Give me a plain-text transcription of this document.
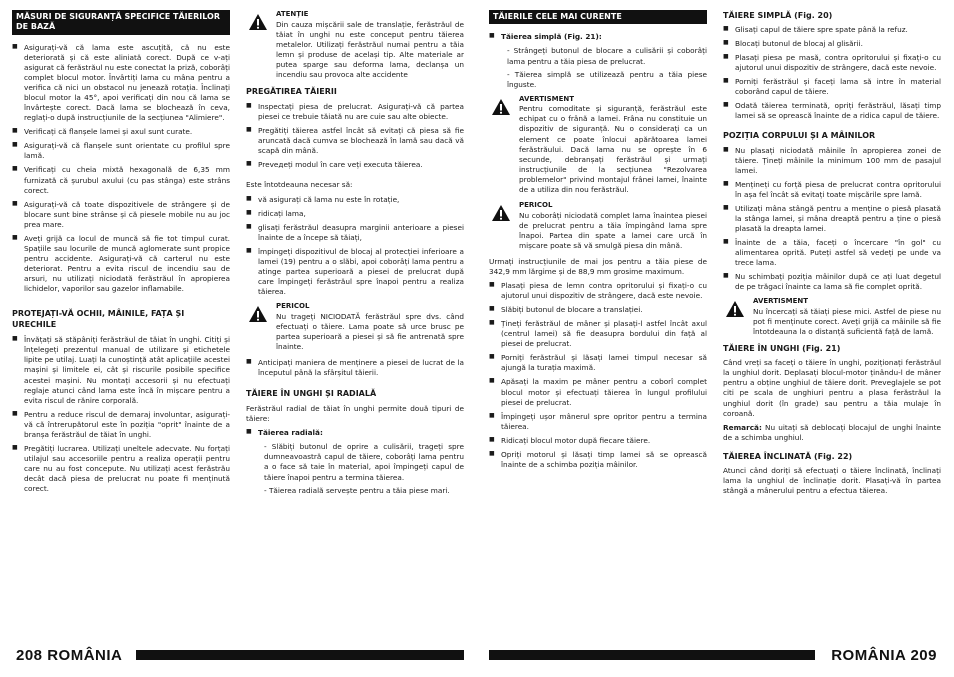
MĂSURI DE SIGURANȚĂ SPECIFICE TĂIERILOR DE BAZĂ
■ Asigurați-vă că lama este ascuțită, că nu este deteriorată și că este aliniată corect. După ce v-ați asigurat că ferăstrăul nu este conectat la priză, coborâți complet blocul motor. Învârtiți lama cu mâna pentru a verifica că nici un obstacol nu jenează rotația. Înclinați blocul motor la 45°, apoi verificați din nou că lama se învârtește corect. Dacă lama se blochează în ceva, reglați-o după instrucțiunile de la secțiunea "Alimiere".
■ Verificați că flanșele lamei și axul sunt curate.
■ Asigurați-vă că flanșele sunt orientate cu profilul spre lamă.
■ Verificați cu cheia mixtă hexagonală de 6,35 mm furnizată că șurubul axului (cu pas stânga) este strâns corect.
■ Asigurați-vă că toate dispozitivele de strângere și de blocare sunt bine strânse și că piesele mobile nu au joc prea mare.
■ Aveți grijă ca locul de muncă să fie tot timpul curat. Spațiile sau locurile de muncă aglomerate sunt propice pentru accidente. Asigurați-vă că carterul nu este deteriorat. Pentru a evita riscul de incendiu sau de arsuri, nu utilizați niciodată ferăstrăul în apropierea lichidelor, vaporilor sau gazelor inflamabile.
PROTEJAȚI-VĂ OCHII, MÂINILE, FAȚA ȘI URECHILE
■ Învățați să stăpâniți ferăstrăul de tăiat în unghi. Citiți și înțelegeți prezentul manual de utilizare și etichetele lipite pe utilaj. Luați la cunoștință atât aplicațiile acestei mașini și limitele ei, cât și riscurile posibile specifice acestei mașini. Nu montați accesorii și nu efectuați reglaje atunci când lama este încă în mișcare pentru a evita riscul de rănire corporală.
■ Pentru a reduce riscul de demaraj involuntar, asigurați-vă că întrerupătorul este în poziția "oprit" înainte de a branșa ferăstrăul de tăiat în unghi.
■ Pregătiți lucrarea. Utilizați uneltele adecvate. Nu forțați utilajul sau accesoriile pentru a realiza operații pentru care nu au fost concepute. Nu utilizați acest ferăstrău decât dacă piesa de prelucrat nu poate fi menținută corect.
ATENȚIE
Din cauza mișcării sale de translație, ferăstrăul de tăiat în unghi nu este conceput pentru tăierea metalelor. Utilizați ferăstrăul numai pentru a tăia lemn și produse de același tip. Alte materiale ar putea sparge sau deforma lama, declanșa un incendiu sau provoca alte accidente
PREGĂTIREA TĂIERII
■ Inspectați piesa de prelucrat. Asigurați-vă că partea piesei ce trebuie tăiată nu are cuie sau alte obiecte.
■ Pregătiți tăierea astfel încât să evitați că piesa să fie aruncată dacă cumva se blochează în lamă sau dacă vă scapă din mână.
■ Preveдеți modul în care veți executa tăierea.
Este întotdeauna necesar să:
■ vă asigurați că lama nu este în rotație,
■ ridicați lama,
■ glisați ferăstrăul deasupra marginii anterioare a piesei înainte de a începe să tăiați,
■ împingeți dispozitivul de blocaj al protecției inferioare a lamei (19) pentru a o slăbi, apoi coborâți lama pentru a atinge partea superioară a piesei de prelucrat după care împingeți ferăstrăul spre înapoi pentru a realiza tăierea.
PERICOL
Nu trageți NICIODATĂ ferăstrăul spre dvs. când efectuați o tăiere. Lama poate să urce brusc pe partea superioară a piesei și să fie antrenată spre înainte.
■ Anticipați maniera de menținere a piesei de lucrat de la începutul până la sfârșitul tăierii.
TĂIERE ÎN UNGHI ȘI RADIALĂ
Ferăstrăul radial de tăiat în unghi permite două tipuri de tăiere:
■ Tăierea radială:
- Slăbiți butonul de oprire a culisării, trageți spre dumneavoastră capul de tăiere, coborâți lama pentru a o face să taie în material, apoi împingeți capul de tăiere înapoi pentru a termina tăierea.
- Tăierea radială servește pentru a tăia piese mari.
TĂIERILE CELE MAI CURENTE
■ Tăierea simplă (Fig. 21):
- Strângeți butonul de blocare a culisării și coborâți lama pentru a tăia piesa de prelucrat.
- Tăierea simplă se utilizează pentru a tăia piese înguste.
AVERTISMENT
Pentru comoditate și siguranță, ferăstrăul este echipat cu o frână a lamei. Frâna nu constituie un dispozitiv de siguranță. Nu o considerați ca un element ce poate înlocui apărătoarea lamei ferăstrăului. Dacă lama nu se oprește în 6 secunde, debranșați ferăstrăul și urmați instrucțiunile de la secțiunea "Rezolvarea problemelor" privind montajul frânei lamei, înainte de a utiliza din nou ferăstrăul.
PERICOL
Nu coborâți niciodată complet lama înaintea piesei de prelucrat pentru a tăia împingând lama spre înapoi. Partea din spate a lamei care urcă în mișcare poate să vă smulgă piesa din mână.
Urmați instrucțiunile de mai jos pentru a tăia piese de 342,9 mm lărgime și de 88,9 mm grosime maximum.
■ Plasați piesa de lemn contra opritorului și fixați-o cu ajutorul unui dispozitiv de strângere, dacă este nevoie.
■ Slăbiți butonul de blocare a translației.
■ Țineți ferăstrăul de mâner și plasați-l astfel încât axul (centrul lamei) să fie deasupra bordului din față al piesei de prelucrat.
■ Porniți ferăstrăul și lăsați lamei timpul necesar să ajungă la turația maximă.
■ Apăsați la maxim pe mâner pentru a coborî complet blocul motor și efectuați tăierea în lungul profilului piesei de prelucrat.
■ Împingeți ușor mânerul spre opritor pentru a termina tăierea.
■ Ridicați blocul motor după fiecare tăiere.
■ Opriți motorul și lăsați timp lamei să se oprească înainte de a schimba poziția mâinilor.
TĂIERE SIMPLĂ (Fig. 20)
■ Glisați capul de tăiere spre spate până la refuz.
■ Blocați butonul de blocaj al glisării.
■ Plasați piesa pe masă, contra opritorului și fixați-o cu ajutorul unui dispozitiv de strângere, dacă este nevoie.
■ Porniți ferăstrăul și faceți lama să intre în material coborând capul de tăiere.
■ Odată tăierea terminată, opriți ferăstrăul, lăsați timp lamei să se oprească înainte de a ridica capul de tăiere.
POZIȚIA CORPULUI ȘI A MÂINILOR
■ Nu plasați niciodată mâinile în apropierea zonei de tăiere. Țineți mâinile la minimum 100 mm de pasajul lamei.
■ Mențineți cu forță piesa de prelucrat contra opritorului în așa fel încât să evitați toate mișcările spre lamă.
■ Utilizați mâna stângă pentru a menține o piesă plasată la stânga lamei, și mâna dreaptă pentru a ține o piesă plasată la dreapta lamei.
■ Înainte de a tăia, faceți o încercare "în gol" cu alimentarea oprită. Puteți astfel să vedeți pe unde va trece lama.
■ Nu schimbați poziția mâinilor după ce ați luat degetul de pe trăgaci înainte ca lama să fie complet oprită.
AVERTISMENT
Nu încercați să tăiați piese mici. Astfel de piese nu pot fi menținute corect. Aveți grijă ca mâinile să fie întotdeauna la o distanță suficientă față de lamă.
TĂIERE ÎN UNGHI (Fig. 21)
Când vreți sa faceți o tăiere în unghi, poziționați ferăstrăul la unghiul dorit. Deplasați blocul-motor ținându-l de mâner pentru a obține unghiul de tăiere dorit. Preveglajele se pot citi pe scala de unghiuri pentru a plasa ferăstrăul la unghiul dorit (în grade) sau pentru a tăia mulaje în coroană.
Remarcă: Nu uitați să deblocați blocajul de unghi înainte de a schimba unghiul.
TĂIEREA ÎNCLINATĂ (Fig. 22)
Atunci când doriți să efectuați o tăiere înclinată, înclinați lama la unghiul de înclinație dorit. Plasați-vă în partea stângă a mânerului pentru a efectua tăierea.
208 ROMÂNIA	ROMÂNIA 209
